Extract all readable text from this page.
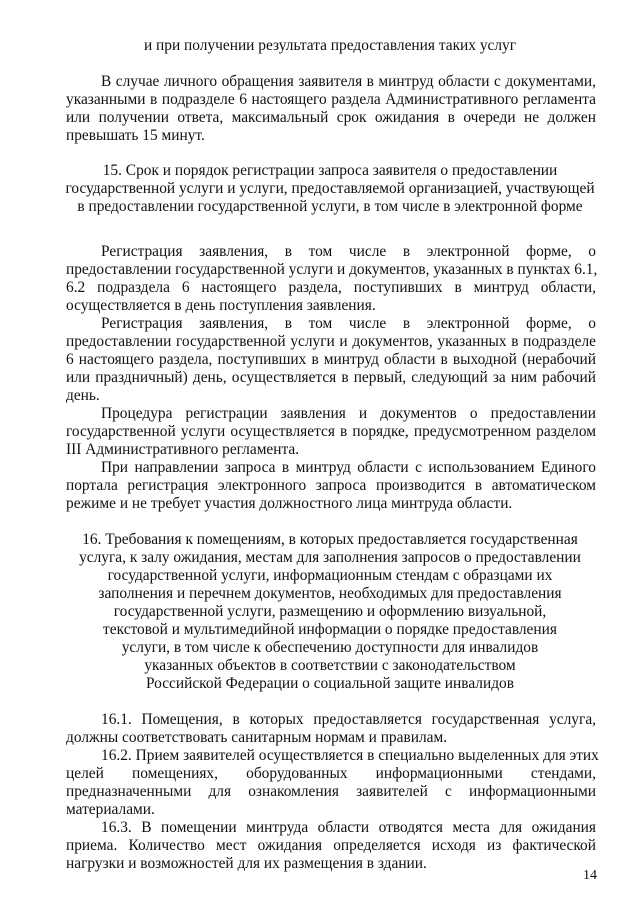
и при получении результата предоставления таких услуг
В случае личного обращения заявителя в минтруд области с документами,
указанными в подразделе 6 настоящего раздела Административного регламента
или получении ответа, максимальный срок ожидания в очереди не должен
превышать 15 минут.
15. Срок и порядок регистрации запроса заявителя о предоставлении
государственной услуги и услуги, предоставляемой организацией, участвующей
в предоставлении государственной услуги, в том числе в электронной форме
Регистрация заявления, в том числе в электронной форме, о
предоставлении государственной услуги и документов, указанных в пунктах 6.1,
6.2 подраздела 6 настоящего раздела, поступивших в минтруд области,
осуществляется в день поступления заявления.
Регистрация заявления, в том числе в электронной форме, о
предоставлении государственной услуги и документов, указанных в подразделе
6 настоящего раздела, поступивших в минтруд области в выходной (нерабочий
или праздничный) день, осуществляется в первый, следующий за ним рабочий
день.
Процедура регистрации заявления и документов о предоставлении
государственной услуги осуществляется в порядке, предусмотренном разделом
III Административного регламента.
При направлении запроса в минтруд области с использованием Единого
портала регистрация электронного запроса производится в автоматическом
режиме и не требует участия должностного лица минтруда области.
16. Требования к помещениям, в которых предоставляется государственная
услуга, к залу ожидания, местам для заполнения запросов о предоставлении
государственной услуги, информационным стендам с образцами их
заполнения и перечнем документов, необходимых для предоставления
государственной услуги, размещению и оформлению визуальной,
текстовой и мультимедийной информации о порядке предоставления
услуги, в том числе к обеспечению доступности для инвалидов
указанных объектов в соответствии с законодательством
Российской Федерации о социальной защите инвалидов
16.1. Помещения, в которых предоставляется государственная услуга,
должны соответствовать санитарным нормам и правилам.
16.2. Прием заявителей осуществляется в специально выделенных для этих
целей помещениях, оборудованных информационными стендами,
предназначенными для ознакомления заявителей с информационными
материалами.
16.3. В помещении минтруда области отводятся места для ожидания
приема. Количество мест ожидания определяется исходя из фактической
нагрузки и возможностей для их размещения в здании.
14
